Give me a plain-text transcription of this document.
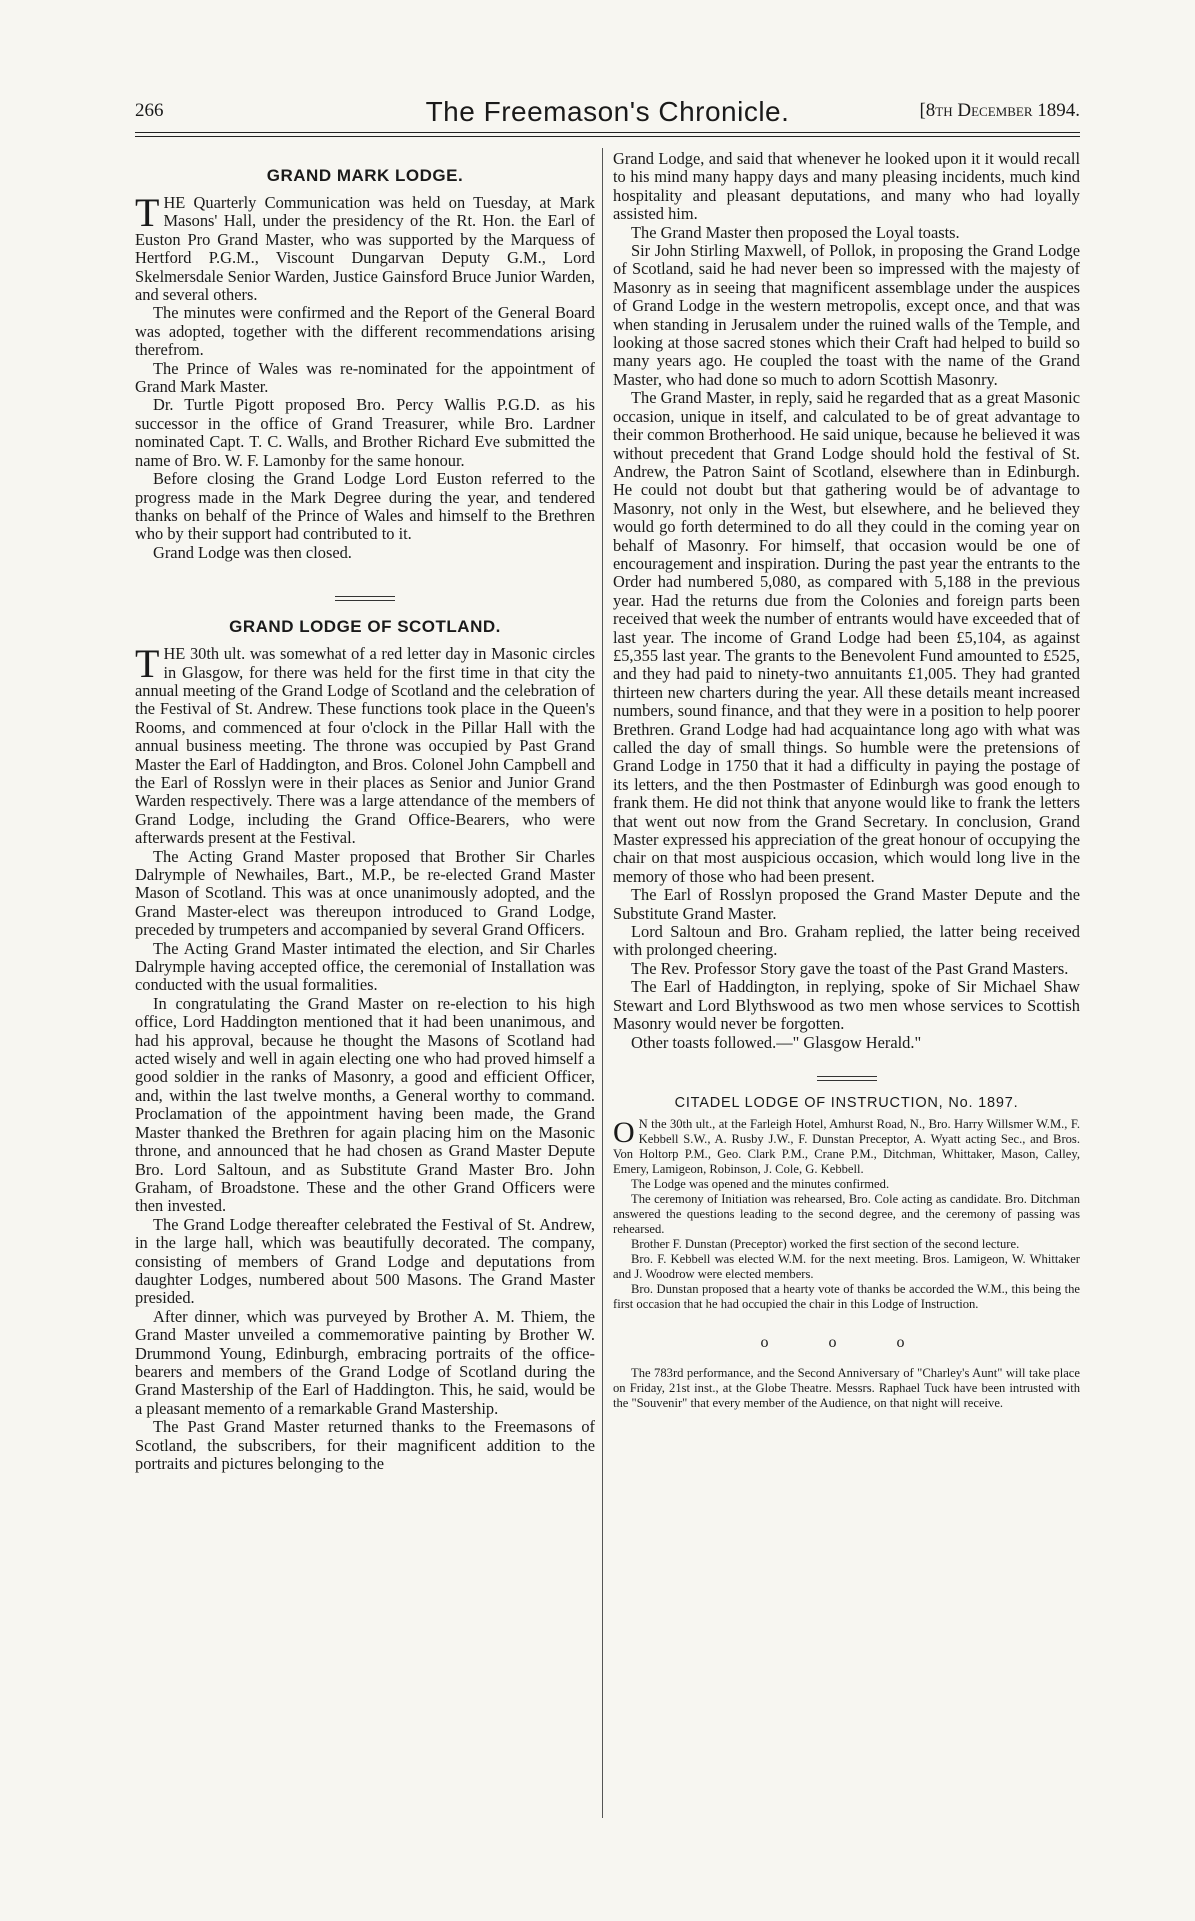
266	The Freemason's Chronicle.	[8th December 1894.
GRAND MARK LODGE.

THE Quarterly Communication was held on Tuesday, at Mark Masons' Hall, under the presidency of the Rt. Hon. the Earl of Euston Pro Grand Master, who was supported by the Marquess of Hertford P.G.M., Viscount Dungarvan Deputy G.M., Lord Skelmersdale Senior Warden, Justice Gainsford Bruce Junior Warden, and several others.

The minutes were confirmed and the Report of the General Board was adopted, together with the different recommendations arising therefrom.

The Prince of Wales was re-nominated for the appointment of Grand Mark Master.

Dr. Turtle Pigott proposed Bro. Percy Wallis P.G.D. as his successor in the office of Grand Treasurer, while Bro. Lardner nominated Capt. T. C. Walls, and Brother Richard Eve submitted the name of Bro. W. F. Lamonby for the same honour.

Before closing the Grand Lodge Lord Euston referred to the progress made in the Mark Degree during the year, and tendered thanks on behalf of the Prince of Wales and himself to the Brethren who by their support had contributed to it.

Grand Lodge was then closed.

GRAND LODGE OF SCOTLAND.

THE 30th ult. was somewhat of a red letter day in Masonic circles in Glasgow, for there was held for the first time in that city the annual meeting of the Grand Lodge of Scotland and the celebration of the Festival of St. Andrew. These functions took place in the Queen's Rooms, and commenced at four o'clock in the Pillar Hall with the annual business meeting. The throne was occupied by Past Grand Master the Earl of Haddington, and Bros. Colonel John Campbell and the Earl of Rosslyn were in their places as Senior and Junior Grand Warden respectively. There was a large attendance of the members of Grand Lodge, including the Grand Office-Bearers, who were afterwards present at the Festival.

The Acting Grand Master proposed that Brother Sir Charles Dalrymple of Newhailes, Bart., M.P., be re-elected Grand Master Mason of Scotland. This was at once unanimously adopted, and the Grand Master-elect was thereupon introduced to Grand Lodge, preceded by trumpeters and accompanied by several Grand Officers.

The Acting Grand Master intimated the election, and Sir Charles Dalrymple having accepted office, the ceremonial of Installation was conducted with the usual formalities.

In congratulating the Grand Master on re-election to his high office, Lord Haddington mentioned that it had been unanimous, and had his approval, because he thought the Masons of Scotland had acted wisely and well in again electing one who had proved himself a good soldier in the ranks of Masonry, a good and efficient Officer, and, within the last twelve months, a General worthy to command. Proclamation of the appointment having been made, the Grand Master thanked the Brethren for again placing him on the Masonic throne, and announced that he had chosen as Grand Master Depute Bro. Lord Saltoun, and as Substitute Grand Master Bro. John Graham, of Broadstone. These and the other Grand Officers were then invested.

The Grand Lodge thereafter celebrated the Festival of St. Andrew, in the large hall, which was beautifully decorated. The company, consisting of members of Grand Lodge and deputations from daughter Lodges, numbered about 500 Masons. The Grand Master presided.

After dinner, which was purveyed by Brother A. M. Thiem, the Grand Master unveiled a commemorative painting by Brother W. Drummond Young, Edinburgh, embracing portraits of the office-bearers and members of the Grand Lodge of Scotland during the Grand Mastership of the Earl of Haddington. This, he said, would be a pleasant memento of a remarkable Grand Mastership.

The Past Grand Master returned thanks to the Freemasons of Scotland, the subscribers, for their magnificent addition to the portraits and pictures belonging to the

Grand Lodge, and said that whenever he looked upon it it would recall to his mind many happy days and many pleasing incidents, much kind hospitality and pleasant deputations, and many who had loyally assisted him.

The Grand Master then proposed the Loyal toasts.

Sir John Stirling Maxwell, of Pollok, in proposing the Grand Lodge of Scotland, said he had never been so impressed with the majesty of Masonry as in seeing that magnificent assemblage under the auspices of Grand Lodge in the western metropolis, except once, and that was when standing in Jerusalem under the ruined walls of the Temple, and looking at those sacred stones which their Craft had helped to build so many years ago. He coupled the toast with the name of the Grand Master, who had done so much to adorn Scottish Masonry.

The Grand Master, in reply, said he regarded that as a great Masonic occasion, unique in itself, and calculated to be of great advantage to their common Brotherhood. He said unique, because he believed it was without precedent that Grand Lodge should hold the festival of St. Andrew, the Patron Saint of Scotland, elsewhere than in Edinburgh. He could not doubt but that gathering would be of advantage to Masonry, not only in the West, but elsewhere, and he believed they would go forth determined to do all they could in the coming year on behalf of Masonry. For himself, that occasion would be one of encouragement and inspiration. During the past year the entrants to the Order had numbered 5,080, as compared with 5,188 in the previous year. Had the returns due from the Colonies and foreign parts been received that week the number of entrants would have exceeded that of last year. The income of Grand Lodge had been £5,104, as against £5,355 last year. The grants to the Benevolent Fund amounted to £525, and they had paid to ninety-two annuitants £1,005. They had granted thirteen new charters during the year. All these details meant increased numbers, sound finance, and that they were in a position to help poorer Brethren. Grand Lodge had had acquaintance long ago with what was called the day of small things. So humble were the pretensions of Grand Lodge in 1750 that it had a difficulty in paying the postage of its letters, and the then Postmaster of Edinburgh was good enough to frank them. He did not think that anyone would like to frank the letters that went out now from the Grand Secretary. In conclusion, Grand Master expressed his appreciation of the great honour of occupying the chair on that most auspicious occasion, which would long live in the memory of those who had been present.

The Earl of Rosslyn proposed the Grand Master Depute and the Substitute Grand Master.

Lord Saltoun and Bro. Graham replied, the latter being received with prolonged cheering.

The Rev. Professor Story gave the toast of the Past Grand Masters.

The Earl of Haddington, in replying, spoke of Sir Michael Shaw Stewart and Lord Blythswood as two men whose services to Scottish Masonry would never be forgotten.

Other toasts followed.—" Glasgow Herald."

CITADEL LODGE OF INSTRUCTION, No. 1897.

O N the 30th ult., at the Farleigh Hotel, Amhurst Road, N., Bro. Harry Willsmer W.M., F. Kebbell S.W., A. Rusby J.W., F. Dunstan Preceptor, A. Wyatt acting Sec., and Bros. Von Holtorp P.M., Geo. Clark P.M., Crane P.M., Ditchman, Whittaker, Mason, Calley, Emery, Lamigeon, Robinson, J. Cole, G. Kebbell.

The Lodge was opened and the minutes confirmed.

The ceremony of Initiation was rehearsed, Bro. Cole acting as candidate. Bro. Ditchman answered the questions leading to the second degree, and the ceremony of passing was rehearsed.

Brother F. Dunstan (Preceptor) worked the first section of the second lecture.

Bro. F. Kebbell was elected W.M. for the next meeting. Bros. Lamigeon, W. Whittaker and J. Woodrow were elected members.

Bro. Dunstan proposed that a hearty vote of thanks be accorded the W.M., this being the first occasion that he had occupied the chair in this Lodge of Instruction.

o o o

The 783rd performance, and the Second Anniversary of "Charley's Aunt" will take place on Friday, 21st inst., at the Globe Theatre. Messrs. Raphael Tuck have been intrusted with the "Souvenir" that every member of the Audience, on that night will receive.
